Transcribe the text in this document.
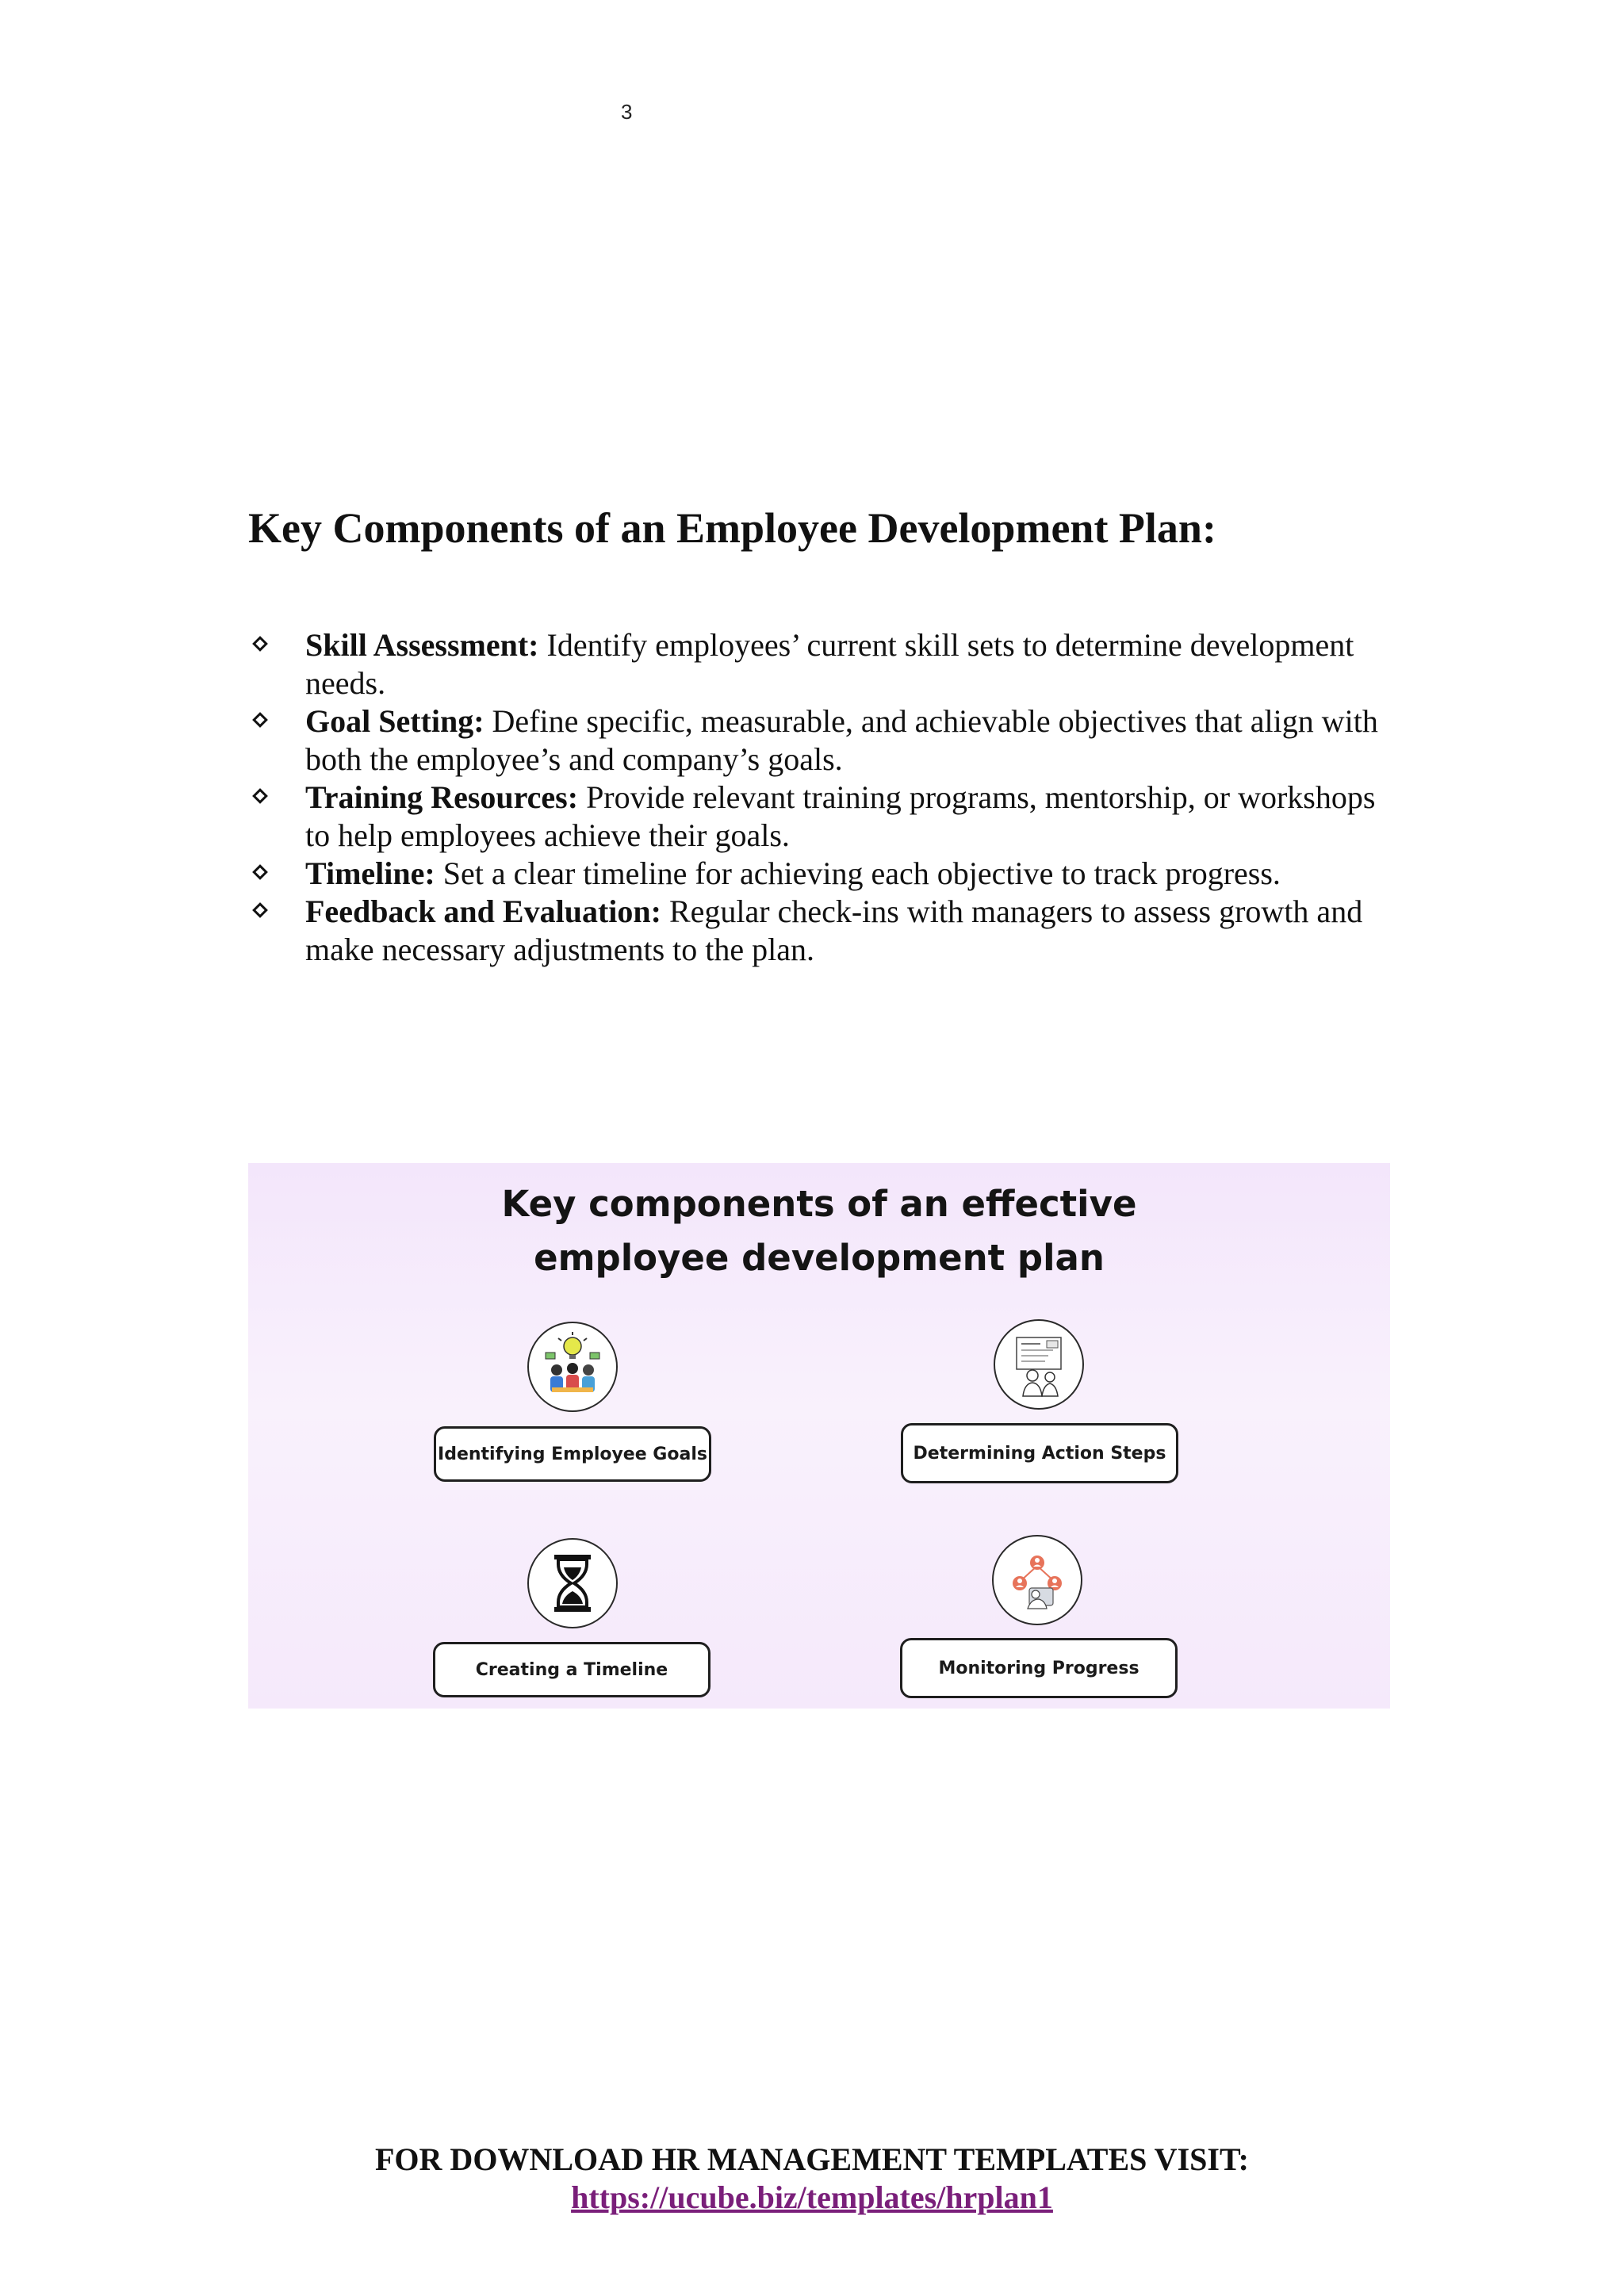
3
Key Components of an Employee Development Plan:
Skill Assessment: Identify employees’ current skill sets to determine development needs.
Goal Setting: Define specific, measurable, and achievable objectives that align with both the employee’s and company’s goals.
Training Resources: Provide relevant training programs, mentorship, or workshops to help employees achieve their goals.
Timeline: Set a clear timeline for achieving each objective to track progress.
Feedback and Evaluation: Regular check-ins with managers to assess growth and make necessary adjustments to the plan.
Key components of an effective
employee development plan
Identifying Employee Goals	Determining Action Steps
Creating a Timeline	Monitoring Progress
FOR DOWNLOAD HR MANAGEMENT TEMPLATES VISIT:
https://ucube.biz/templates/hrplan1
